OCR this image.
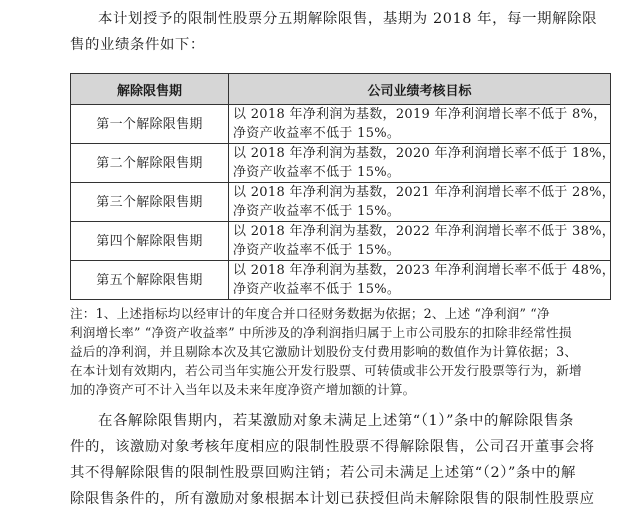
本计划授予的限制性股票分五期解除限售，基期为 2018 年，每一期解除限
售的业绩条件如下：

解除限售期	公司业绩考核目标
第一个解除限售期	以 2018 年净利润为基数，2019 年净利润增长率不低于 8%，
净资产收益率不低于 15%。

第二个解除限售期	以 2018 年净利润为基数，2020 年净利润增长率不低于 18%，
净资产收益率不低于 15%。

第三个解除限售期	以 2018 年净利润为基数，2021 年净利润增长率不低于 28%，
净资产收益率不低于 15%。

第四个解除限售期	以 2018 年净利润为基数，2022 年净利润增长率不低于 38%，
净资产收益率不低于 15%。

第五个解除限售期	以 2018 年净利润为基数，2023 年净利润增长率不低于 48%，
净资产收益率不低于 15%。

注：1、上述指标均以经审计的年度合并口径财务数据为依据；2、上述 “净利润” “净
利润增长率” “净资产收益率” 中所涉及的净利润指归属于上市公司股东的扣除非经常性损
益后的净利润，并且剔除本次及其它激励计划股份支付费用影响的数值作为计算依据；3、
在本计划有效期内，若公司当年实施公开发行股票、可转债或非公开发行股票等行为，新增
加的净资产可不计入当年以及未来年度净资产增加额的计算。

在各解除限售期内，若某激励对象未满足上述第“（1）”条中的解除限售条
件的，该激励对象考核年度相应的限制性股票不得解除限售，公司召开董事会将
其不得解除限售的限制性股票回购注销；若公司未满足上述第“（2）”条中的解
除限售条件的，所有激励对象根据本计划已获授但尚未解除限售的限制性股票应
